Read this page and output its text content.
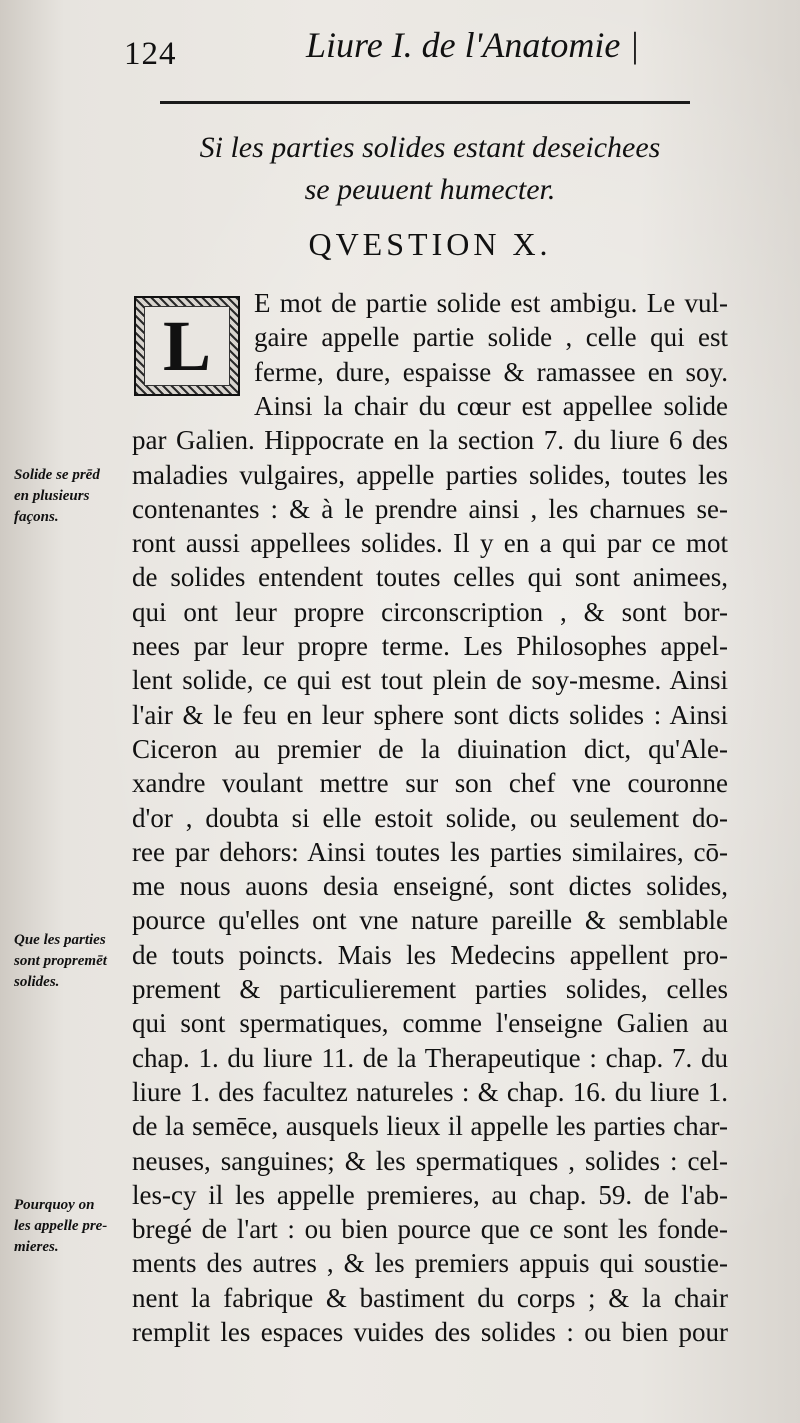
124	Liure I. de l'Anatomie |
Si les parties solides estant deseichees
se peuuent humecter.
QVESTION X.
L
E mot de partie solide est ambigu. Le vul-
gaire appelle partie solide , celle qui est
ferme, dure, espaisse & ramassee en soy.
Ainsi la chair du cœur est appellee solide
par Galien. Hippocrate en la section 7. du liure 6 des
maladies vulgaires, appelle parties solides, toutes les
contenantes : & à le prendre ainsi , les charnues se-
ront aussi appellees solides. Il y en a qui par ce mot
de solides entendent toutes celles qui sont animees,
qui ont leur propre circonscription , & sont bor-
nees par leur propre terme. Les Philosophes appel-
lent solide, ce qui est tout plein de soy-mesme. Ainsi
l'air & le feu en leur sphere sont dicts solides : Ainsi
Ciceron au premier de la diuination dict, qu'Ale-
xandre voulant mettre sur son chef vne couronne
d'or , doubta si elle estoit solide, ou seulement do-
ree par dehors: Ainsi toutes les parties similaires, cō-
me nous auons desia enseigné, sont dictes solides,
pource qu'elles ont vne nature pareille & semblable
de touts poincts. Mais les Medecins appellent pro-
prement & particulierement parties solides, celles
qui sont spermatiques, comme l'enseigne Galien au
chap. 1. du liure 11. de la Therapeutique : chap. 7. du
liure 1. des facultez natureles : & chap. 16. du liure 1.
de la semēce, ausquels lieux il appelle les parties char-
neuses, sanguines; & les spermatiques , solides : cel-
les-cy il les appelle premieres, au chap. 59. de l'ab-
bregé de l'art : ou bien pource que ce sont les fonde-
ments des autres , & les premiers appuis qui soustie-
nent la fabrique & bastiment du corps ; & la chair
remplit les espaces vuides des solides : ou bien pour
Solide se prēd
en plusieurs
façons.
Que les parties
sont propremēt
solides.
Pourquoy on
les appelle pre-
mieres.
